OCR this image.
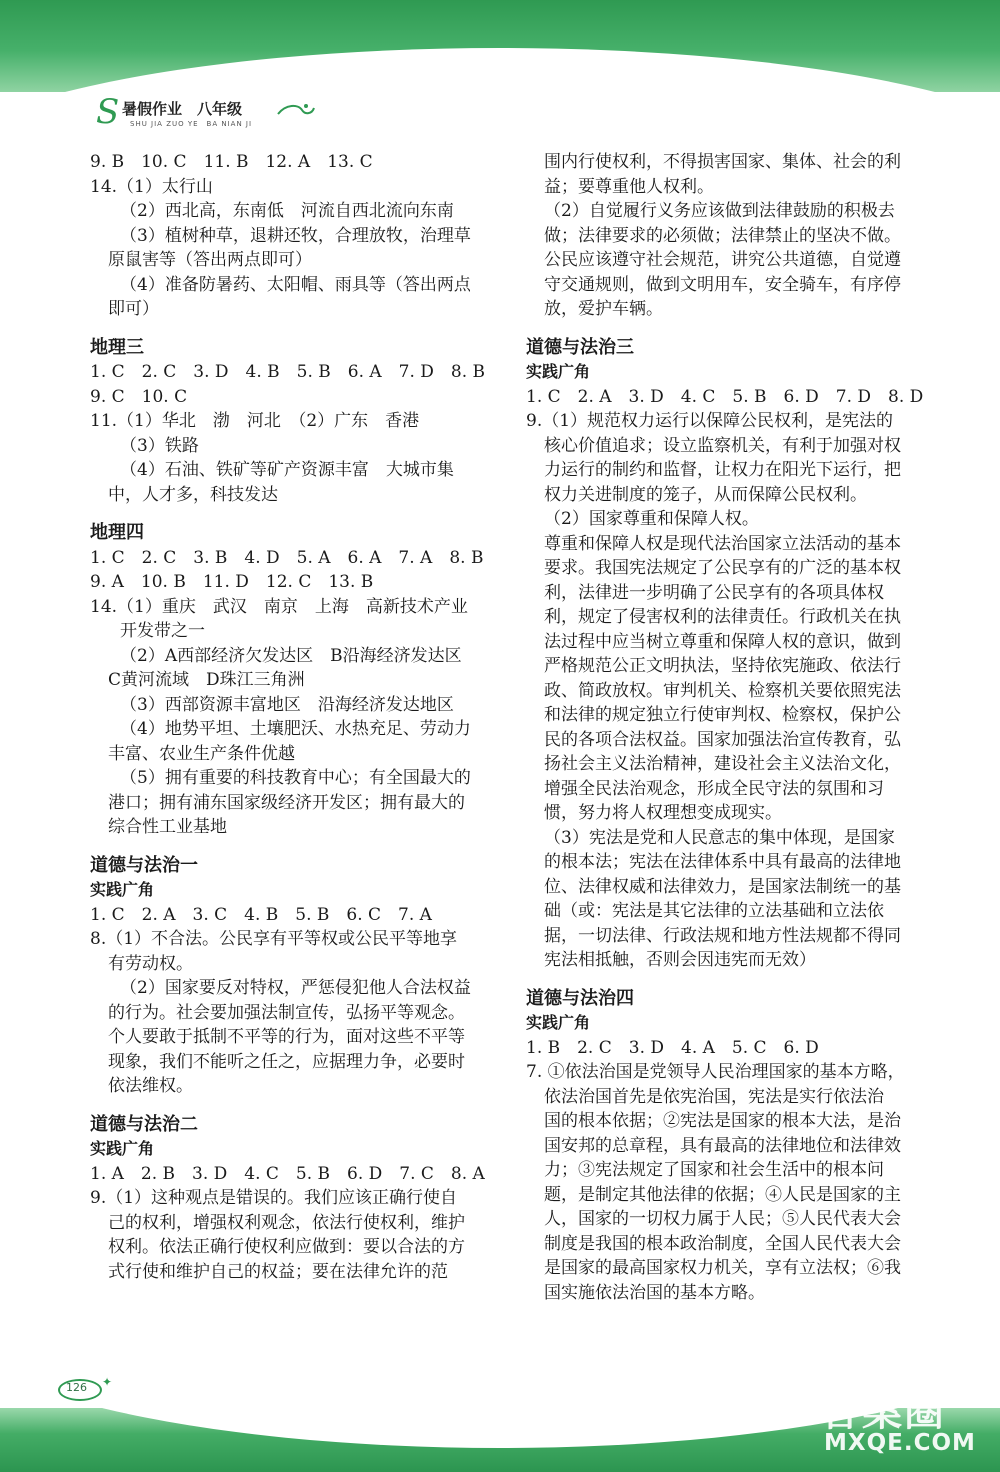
S 暑假作业　八年级
SHU JIA ZUO YE　BA NIAN JI
9. B　10. C　11. B　12. A　13. C
14.（1）太行山
（2）西北高，东南低　河流自西北流向东南
（3）植树种草，退耕还牧，合理放牧，治理草
原鼠害等（答出两点即可）
（4）准备防暑药、太阳帽、雨具等（答出两点
即可）
地理三
1. C　2. C　3. D　4. B　5. B　6. A　7. D　8. B
9. C　10. C
11.（1）华北　渤　河北　（2）广东　香港
（3）铁路
（4）石油、铁矿等矿产资源丰富　大城市集
中，人才多，科技发达
地理四
1. C　2. C　3. B　4. D　5. A　6. A　7. A　8. B
9. A　10. B　11. D　12. C　13. B
14.（1）重庆　武汉　南京　上海　高新技术产业
开发带之一
（2）A西部经济欠发达区　B沿海经济发达区
C黄河流域　D珠江三角洲
（3）西部资源丰富地区　沿海经济发达地区
（4）地势平坦、土壤肥沃、水热充足、劳动力
丰富、农业生产条件优越
（5）拥有重要的科技教育中心；有全国最大的
港口；拥有浦东国家级经济开发区；拥有最大的
综合性工业基地
道德与法治一
实践广角
1. C　2. A　3. C　4. B　5. B　6. C　7. A
8.（1）不合法。公民享有平等权或公民平等地享
有劳动权。
（2）国家要反对特权，严惩侵犯他人合法权益
的行为。社会要加强法制宣传，弘扬平等观念。
个人要敢于抵制不平等的行为，面对这些不平等
现象，我们不能听之任之，应据理力争，必要时
依法维权。
道德与法治二
实践广角
1. A　2. B　3. D　4. C　5. B　6. D　7. C　8. A
9.（1）这种观点是错误的。我们应该正确行使自
己的权利，增强权利观念，依法行使权利，维护
权利。依法正确行使权利应做到：要以合法的方
式行使和维护自己的权益；要在法律允许的范
围内行使权利，不得损害国家、集体、社会的利
益；要尊重他人权利。
（2）自觉履行义务应该做到法律鼓励的积极去
做；法律要求的必须做；法律禁止的坚决不做。
公民应该遵守社会规范，讲究公共道德，自觉遵
守交通规则，做到文明用车，安全骑车，有序停
放，爱护车辆。
道德与法治三
实践广角
1. C　2. A　3. D　4. C　5. B　6. D　7. D　8. D
9.（1）规范权力运行以保障公民权利，是宪法的
核心价值追求；设立监察机关，有利于加强对权
力运行的制约和监督，让权力在阳光下运行，把
权力关进制度的笼子，从而保障公民权利。
（2）国家尊重和保障人权。
尊重和保障人权是现代法治国家立法活动的基本
要求。我国宪法规定了公民享有的广泛的基本权
利，法律进一步明确了公民享有的各项具体权
利，规定了侵害权利的法律责任。行政机关在执
法过程中应当树立尊重和保障人权的意识，做到
严格规范公正文明执法，坚持依宪施政、依法行
政、简政放权。审判机关、检察机关要依照宪法
和法律的规定独立行使审判权、检察权，保护公
民的各项合法权益。国家加强法治宣传教育，弘
扬社会主义法治精神，建设社会主义法治文化，
增强全民法治观念，形成全民守法的氛围和习
惯，努力将人权理想变成现实。
（3）宪法是党和人民意志的集中体现，是国家
的根本法；宪法在法律体系中具有最高的法律地
位、法律权威和法律效力，是国家法制统一的基
础（或：宪法是其它法律的立法基础和立法依
据，一切法律、行政法规和地方性法规都不得同
宪法相抵触，否则会因违宪而无效）
道德与法治四
实践广角
1. B　2. C　3. D　4. A　5. C　6. D
7. ①依法治国是党领导人民治理国家的基本方略，
依法治国首先是依宪治国，宪法是实行依法治
国的根本依据；②宪法是国家的根本大法，是治
国安邦的总章程，具有最高的法律地位和法律效
力；③宪法规定了国家和社会生活中的根本问
题，是制定其他法律的依据；④人民是国家的主
人，国家的一切权力属于人民；⑤人民代表大会
制度是我国的根本政治制度，全国人民代表大会
是国家的最高国家权力机关，享有立法权；⑥我
国实施依法治国的基本方略。
126 ✦
答案圈
MXQE.COM
